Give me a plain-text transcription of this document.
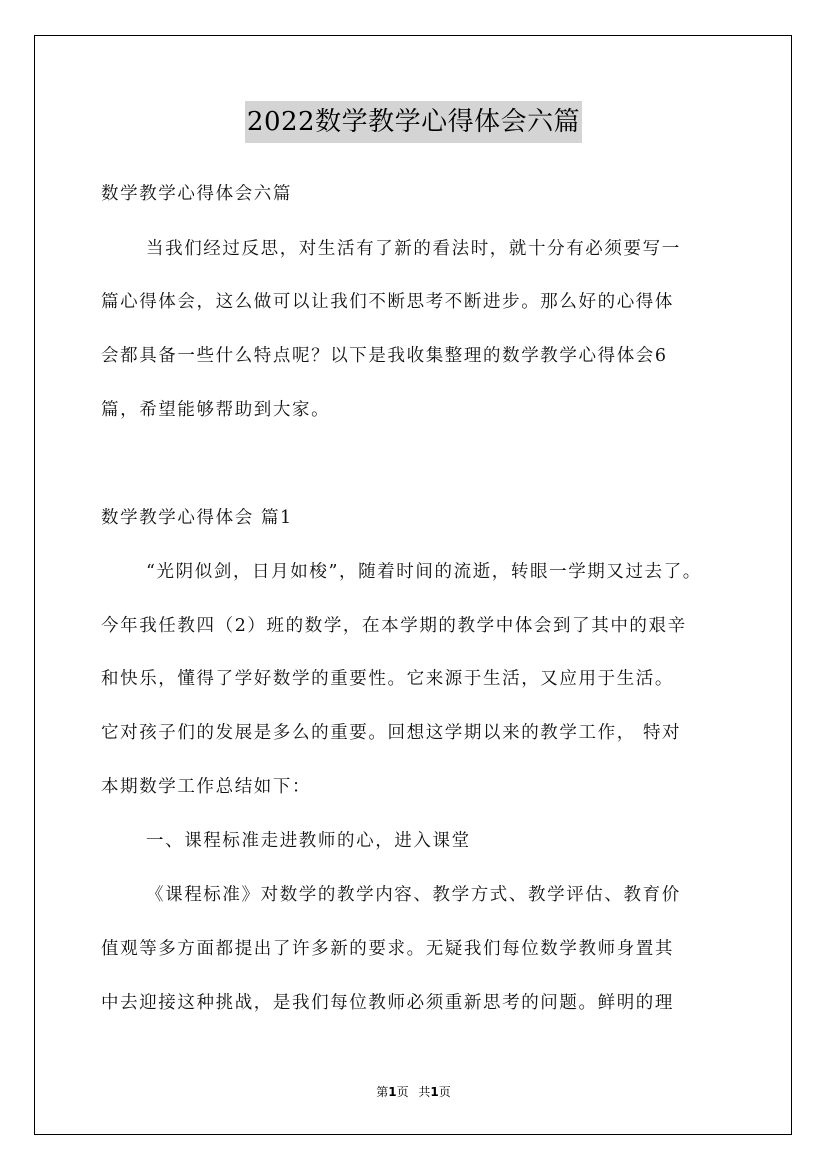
2022数学教学心得体会六篇
数学教学心得体会六篇
当我们经过反思，对生活有了新的看法时，就十分有必须要写一
篇心得体会，这么做可以让我们不断思考不断进步。那么好的心得体
会都具备一些什么特点呢？以下是我收集整理的数学教学心得体会6
篇，希望能够帮助到大家。
数学教学心得体会 篇1
“光阴似剑，日月如梭”，随着时间的流逝，转眼一学期又过去了。
今年我任教四（2）班的数学，在本学期的教学中体会到了其中的艰辛
和快乐，懂得了学好数学的重要性。它来源于生活，又应用于生活。
它对孩子们的发展是多么的重要。回想这学期以来的教学工作， 特对
本期数学工作总结如下：
一、课程标准走进教师的心，进入课堂
《课程标准》对数学的教学内容、教学方式、教学评估、教育价
值观等多方面都提出了许多新的要求。无疑我们每位数学教师身置其
中去迎接这种挑战，是我们每位教师必须重新思考的问题。鲜明的理
第1页 共1页
